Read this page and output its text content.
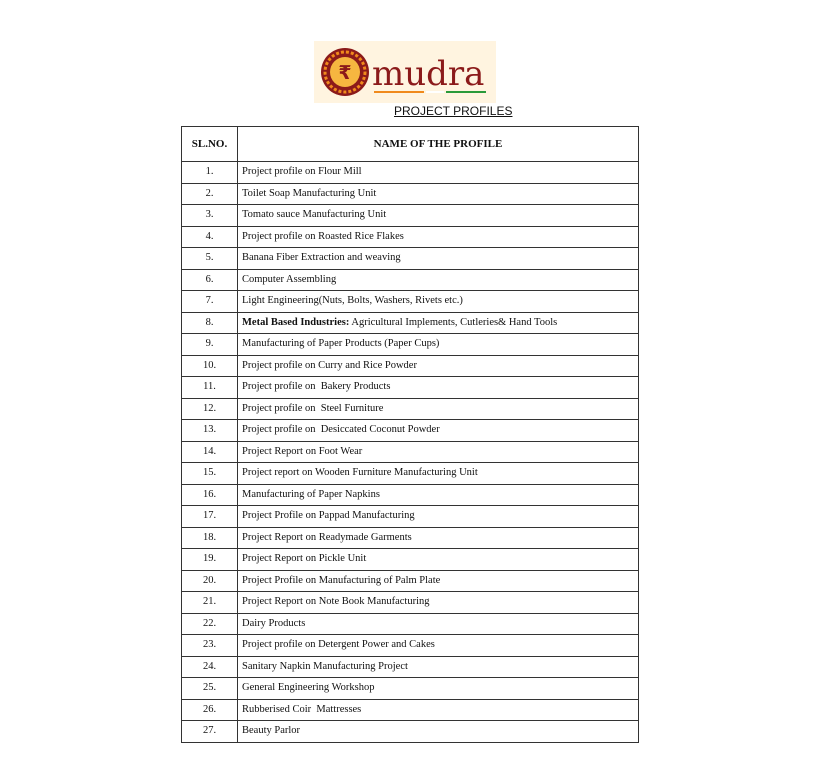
₹ mudra
PROJECT PROFILES
SL.NO.	NAME OF THE PROFILE
1.	Project profile on Flour Mill
2.	Toilet Soap Manufacturing Unit
3.	Tomato sauce Manufacturing Unit
4.	Project profile on Roasted Rice Flakes
5.	Banana Fiber Extraction and weaving
6.	Computer Assembling
7.	Light Engineering(Nuts, Bolts, Washers, Rivets etc.)
8.	Metal Based Industries: Agricultural Implements, Cutleries& Hand Tools
9.	Manufacturing of Paper Products (Paper Cups)
10.	Project profile on Curry and Rice Powder
11.	Project profile on  Bakery Products
12.	Project profile on  Steel Furniture
13.	Project profile on  Desiccated Coconut Powder
14.	Project Report on Foot Wear
15.	Project report on Wooden Furniture Manufacturing Unit
16.	Manufacturing of Paper Napkins
17.	Project Profile on Pappad Manufacturing
18.	Project Report on Readymade Garments
19.	Project Report on Pickle Unit
20.	Project Profile on Manufacturing of Palm Plate
21.	Project Report on Note Book Manufacturing
22.	Dairy Products
23.	Project profile on Detergent Power and Cakes
24.	Sanitary Napkin Manufacturing Project
25.	General Engineering Workshop
26.	Rubberised Coir  Mattresses
27.	Beauty Parlor
